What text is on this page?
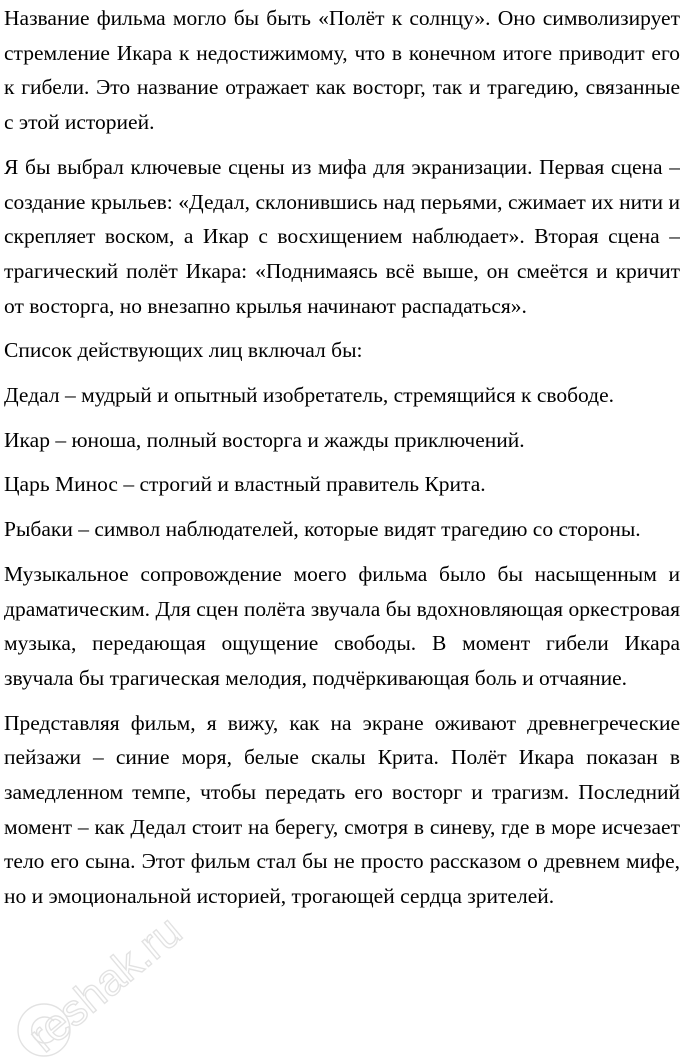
Название фильма могло бы быть «Полёт к солнцу». Оно символизирует стремление Икара к недостижимому, что в конечном итоге приводит его к гибели. Это название отражает как восторг, так и трагедию, связанные с этой историей.

Я бы выбрал ключевые сцены из мифа для экранизации. Первая сцена – создание крыльев: «Дедал, склонившись над перьями, сжимает их нити и скрепляет воском, а Икар с восхищением наблюдает». Вторая сцена – трагический полёт Икара: «Поднимаясь всё выше, он смеётся и кричит от восторга, но внезапно крылья начинают распадаться».

Список действующих лиц включал бы:

Дедал – мудрый и опытный изобретатель, стремящийся к свободе.

Икар – юноша, полный восторга и жажды приключений.

Царь Минос – строгий и властный правитель Крита.

Рыбаки – символ наблюдателей, которые видят трагедию со стороны.

Музыкальное сопровождение моего фильма было бы насыщенным и драматическим. Для сцен полёта звучала бы вдохновляющая оркестровая музыка, передающая ощущение свободы. В момент гибели Икара звучала бы трагическая мелодия, подчёркивающая боль и отчаяние.

Представляя фильм, я вижу, как на экране оживают древнегреческие пейзажи – синие моря, белые скалы Крита. Полёт Икара показан в замедленном темпе, чтобы передать его восторг и трагизм. Последний момент – как Дедал стоит на берегу, смотря в синеву, где в море исчезает тело его сына. Этот фильм стал бы не просто рассказом о древнем мифе, но и эмоциональной историей, трогающей сердца зрителей.

reshak.ru
